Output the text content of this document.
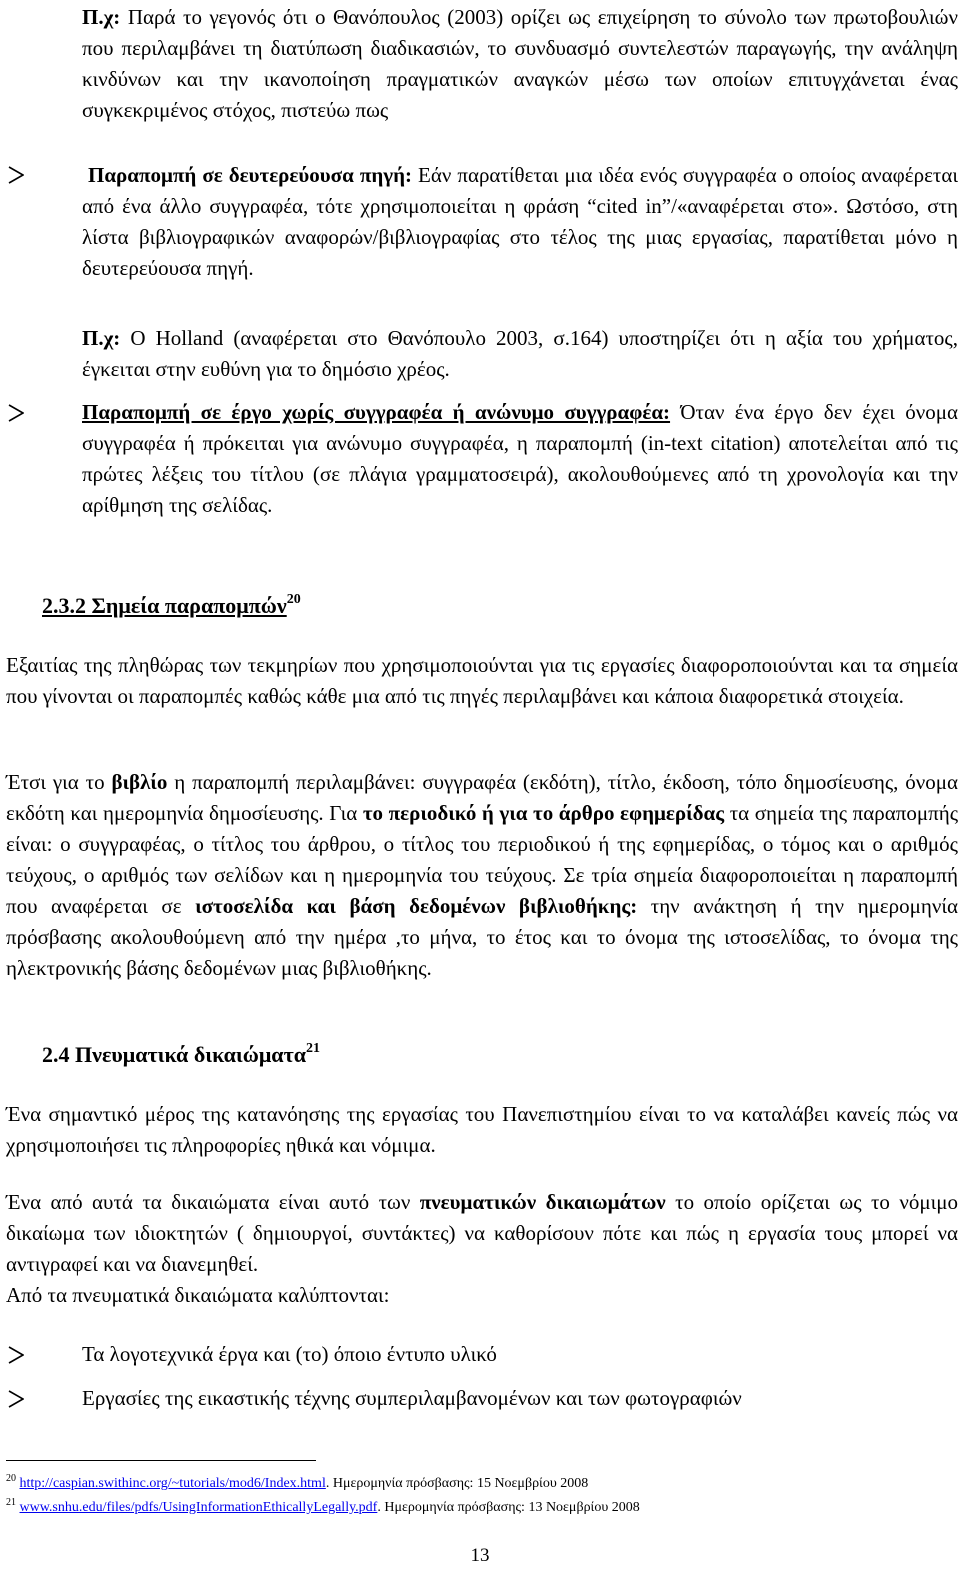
Π.χ: Παρά το γεγονός ότι ο Θανόπουλος (2003) ορίζει ως επιχείρηση το σύνολο των πρωτοβουλιών που περιλαμβάνει τη διατύπωση διαδικασιών, το συνδυασμό συντελεστών παραγωγής, την ανάληψη κινδύνων και την ικανοποίηση πραγματικών αναγκών μέσω των οποίων επιτυγχάνεται ένας συγκεκριμένος στόχος, πιστεύω πως
Παραπομπή σε δευτερεύουσα πηγή: Εάν παρατίθεται μια ιδέα ενός συγγραφέα ο οποίος αναφέρεται από ένα άλλο συγγραφέα, τότε χρησιμοποιείται η φράση “cited in”/«αναφέρεται στο». Ωστόσο, στη λίστα βιβλιογραφικών αναφορών/βιβλιογραφίας στο τέλος της μιας εργασίας, παρατίθεται μόνο η δευτερεύουσα πηγή.
Π.χ: Ο Holland (αναφέρεται στο Θανόπουλο 2003, σ.164) υποστηρίζει ότι η αξία του χρήματος, έγκειται στην ευθύνη για το δημόσιο χρέος.
Παραπομπή σε έργο χωρίς συγγραφέα ή ανώνυμο συγγραφέα: Όταν ένα έργο δεν έχει όνομα συγγραφέα ή πρόκειται για ανώνυμο συγγραφέα, η παραπομπή (in-text citation) αποτελείται από τις πρώτες λέξεις του τίτλου (σε πλάγια γραμματοσειρά), ακολουθούμενες από τη χρονολογία και την αρίθμηση της σελίδας.
2.3.2 Σημεία παραπομπών$^{20}$
Εξαιτίας της πληθώρας των τεκμηρίων που χρησιμοποιούνται για τις εργασίες διαφοροποιούνται και τα σημεία που γίνονται οι παραπομπές καθώς κάθε μια από τις πηγές περιλαμβάνει και κάποια διαφορετικά στοιχεία.
Έτσι για το βιβλίο η παραπομπή περιλαμβάνει: συγγραφέα (εκδότη), τίτλο, έκδοση, τόπο δημοσίευσης, όνομα εκδότη και ημερομηνία δημοσίευσης. Για το περιοδικό ή για το άρθρο εφημερίδας τα σημεία της παραπομπής είναι: ο συγγραφέας, ο τίτλος του άρθρου, ο τίτλος του περιοδικού ή της εφημερίδας, ο τόμος και ο αριθμός τεύχους, ο αριθμός των σελίδων και η ημερομηνία του τεύχους. Σε τρία σημεία διαφοροποιείται η παραπομπή που αναφέρεται σε ιστοσελίδα και βάση δεδομένων βιβλιοθήκης: την ανάκτηση ή την ημερομηνία πρόσβασης ακολουθούμενη από την ημέρα ,το μήνα, το έτος και το όνομα της ιστοσελίδας, το όνομα της ηλεκτρονικής βάσης δεδομένων μιας βιβλιοθήκης.
2.4 Πνευματικά δικαιώματα$^{21}$
Ένα σημαντικό μέρος της κατανόησης της εργασίας του Πανεπιστημίου είναι το να καταλάβει κανείς πώς να χρησιμοποιήσει τις πληροφορίες ηθικά και νόμιμα.
Ένα από αυτά τα δικαιώματα είναι αυτό των πνευματικών δικαιωμάτων το οποίο ορίζεται ως το νόμιμο δικαίωμα των ιδιοκτητών ( δημιουργοί, συντάκτες) να καθορίσουν πότε και πώς η εργασία τους μπορεί να αντιγραφεί και να διανεμηθεί.
Από τα πνευματικά δικαιώματα καλύπτονται:
Τα λογοτεχνικά έργα και (το) όποιο έντυπο υλικό
Εργασίες της εικαστικής τέχνης συμπεριλαμβανομένων και των φωτογραφιών
$^{20}$ http://caspian.swithinc.org/~tutorials/mod6/Index.html. Ημερομηνία πρόσβασης: 15 Νοεμβρίου 2008
$^{21}$ www.snhu.edu/files/pdfs/UsingInformationEthicallyLegally.pdf. Ημερομηνία πρόσβασης: 13 Νοεμβρίου 2008
13
